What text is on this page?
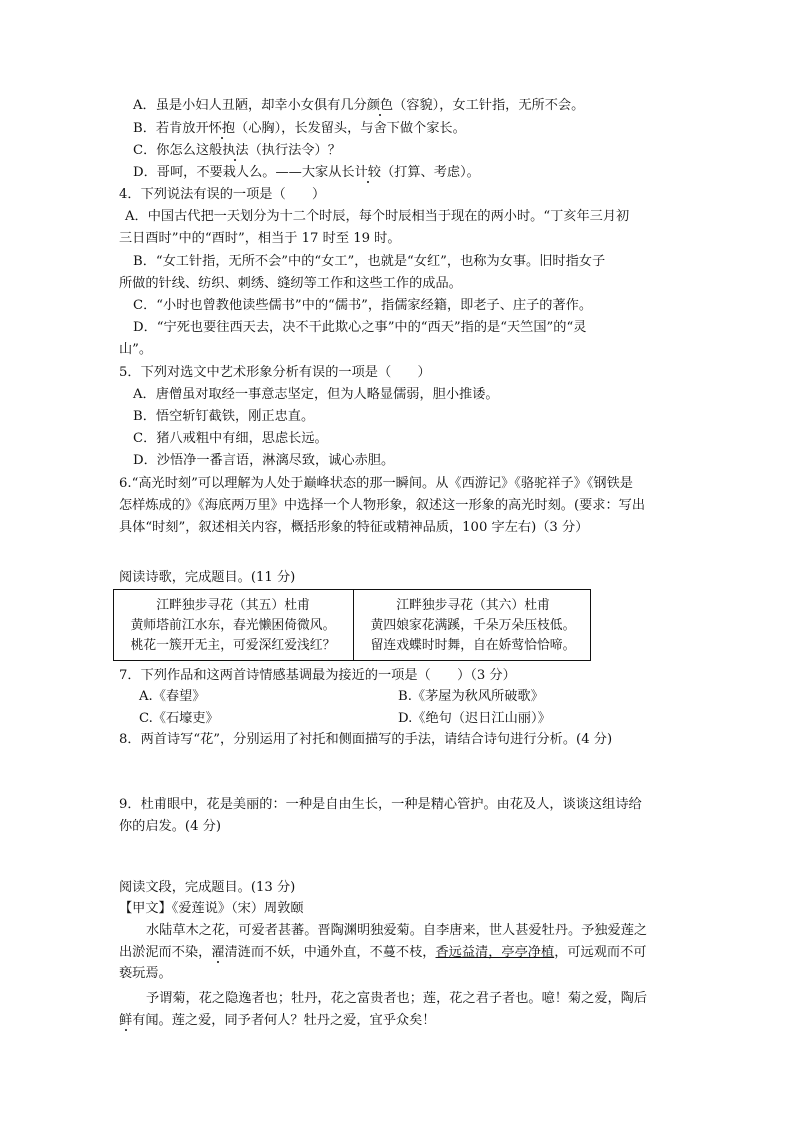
A．虽是小妇人丑陋，却幸小女俱有几分颜色（容貌），女工针指，无所不会。
B．若肯放开怀抱（心胸），长发留头，与舍下做个家长。
C．你怎么这般执法（执行法令）？
D．哥呵，不要栽人么。——大家从长计较（打算、考虑）。
4．下列说法有误的一项是（　　）
A．中国古代把一天划分为十二个时辰，每个时辰相当于现在的两小时。“丁亥年三月初
三日酉时”中的“酉时”，相当于 17 时至 19 时。
B．“女工针指，无所不会”中的“女工”，也就是“女红”，也称为女事。旧时指女子
所做的针线、纺织、刺绣、缝纫等工作和这些工作的成品。
C．“小时也曾教他读些儒书”中的“儒书”，指儒家经籍，即老子、庄子的著作。
D．“宁死也要往西天去，决不干此欺心之事”中的“西天”指的是“天竺国”的“灵
山”。
5．下列对选文中艺术形象分析有误的一项是（　　）
A．唐僧虽对取经一事意志坚定，但为人略显儒弱，胆小推诿。
B．悟空斩钉截铁，刚正忠直。
C．猪八戒粗中有细，思虑长远。
D．沙悟净一番言语，淋漓尽致，诚心赤胆。
6.“高光时刻”可以理解为人处于巅峰状态的那一瞬间。从《西游记》《骆驼祥子》《钢铁是
怎样炼成的》《海底两万里》中选择一个人物形象，叙述这一形象的高光时刻。(要求：写出
具体“时刻”，叙述相关内容，概括形象的特征或精神品质，100 字左右)（3 分）
阅读诗歌，完成题目。(11 分)
江畔独步寻花（其五）杜甫
黄师塔前江水东，春光懒困倚微风。
桃花一簇开无主，可爱深红爱浅红？
江畔独步寻花（其六）杜甫
黄四娘家花满蹊，千朵万朵压枝低。
留连戏蝶时时舞，自在娇莺恰恰啼。
7．下列作品和这两首诗情感基调最为接近的一项是（　　）（3 分）
A.《春望》	B.《茅屋为秋风所破歌》
C.《石壕吏》	D.《绝句（迟日江山丽）》
8．两首诗写“花”，分别运用了衬托和侧面描写的手法，请结合诗句进行分析。(4 分)
9．杜甫眼中，花是美丽的：一种是自由生长，一种是精心管护。由花及人，谈谈这组诗给
你的启发。(4 分)
阅读文段，完成题目。(13 分)
【甲文】《爱莲说》（宋）周敦颐
水陆草木之花，可爱者甚蕃。晋陶渊明独爱菊。自李唐来，世人甚爱牡丹。予独爱莲之
出淤泥而不染，濯清涟而不妖，中通外直，不蔓不枝，香远益清，亭亭净植，可远观而不可
亵玩焉。
予谓菊，花之隐逸者也；牡丹，花之富贵者也；莲，花之君子者也。噫！菊之爱，陶后
鲜有闻。莲之爱，同予者何人？牡丹之爱，宜乎众矣！
